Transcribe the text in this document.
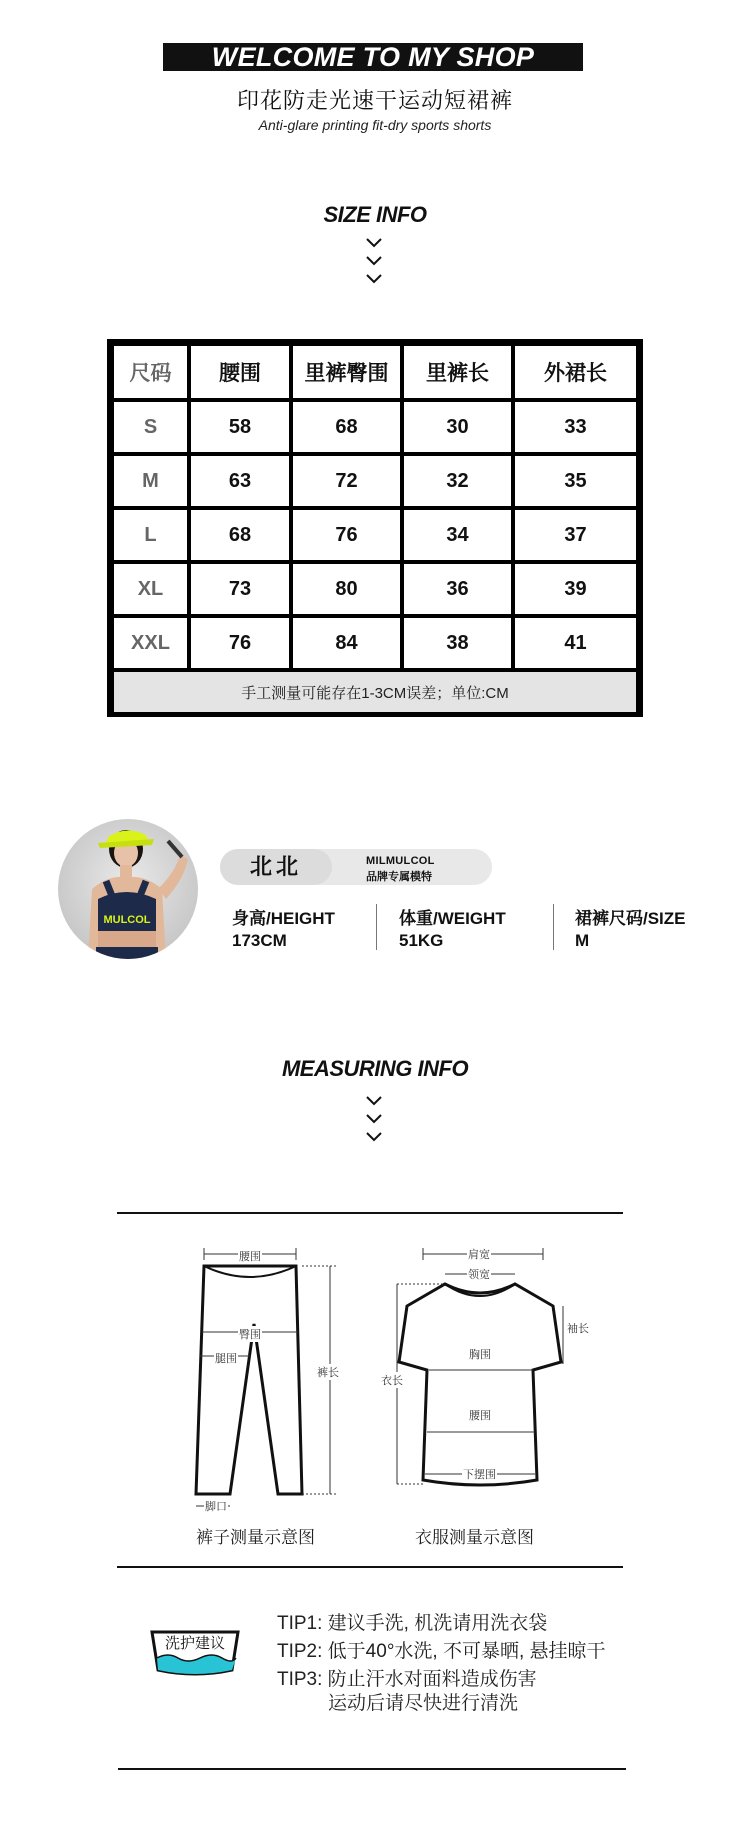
WELCOME TO MY SHOP
印花防走光速干运动短裙裤
Anti-glare printing fit-dry sports shorts
SIZE INFO
尺码	腰围	里裤臀围	里裤长	外裙长
S	58	68	30	33
M	63	72	32	35
L	68	76	34	37
XL	73	80	36	39
XXL	76	84	38	41
手工测量可能存在1-3CM误差；单位:CM				
MULCOL
北北	MILMULCOL
品牌专属模特
身高/HEIGHT
173CM
体重/WEIGHT
51KG
裙裤尺码/SIZE
M
MEASURING INFO
腰围
臀围
腿围
裤长
脚口
裤子测量示意图
肩宽
领宽
袖长
胸围
衣长
腰围
下摆围
衣服测量示意图
洗护建议
TIP1: 建议手洗, 机洗请用洗衣袋
TIP2: 低于40°水洗, 不可暴晒, 悬挂晾干
TIP3: 防止汗水对面料造成伤害
运动后请尽快进行清洗
